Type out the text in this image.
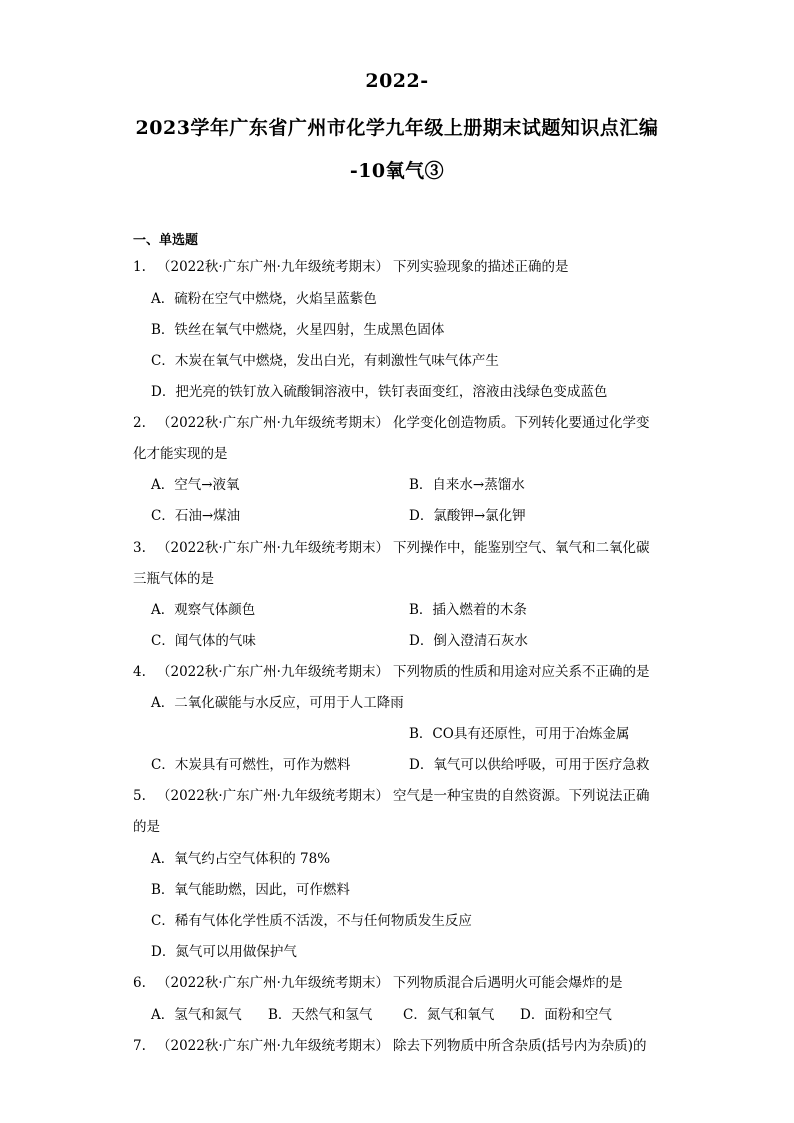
2022-
2023学年广东省广州市化学九年级上册期末试题知识点汇编
-10氧气③
一、单选题
1. （2022秋·广东广州·九年级统考期末） 下列实验现象的描述正确的是
A．硫粉在空气中燃烧，火焰呈蓝紫色
B．铁丝在氧气中燃烧，火星四射，生成黑色固体
C．木炭在氧气中燃烧，发出白光，有刺激性气味气体产生
D．把光亮的铁钉放入硫酸铜溶液中，铁钉表面变红，溶液由浅绿色变成蓝色
2. （2022秋·广东广州·九年级统考期末） 化学变化创造物质。下列转化要通过化学变
化才能实现的是
A．空气→液氧	B．自来水→蒸馏水
C．石油→煤油	D．氯酸钾→氯化钾
3. （2022秋·广东广州·九年级统考期末） 下列操作中，能鉴别空气、氧气和二氧化碳
三瓶气体的是
A．观察气体颜色	B．插入燃着的木条
C．闻气体的气味	D．倒入澄清石灰水
4. （2022秋·广东广州·九年级统考期末） 下列物质的性质和用途对应关系不正确的是
A．二氧化碳能与水反应，可用于人工降雨
B．CO具有还原性，可用于冶炼金属
C．木炭具有可燃性，可作为燃料	D．氧气可以供给呼吸，可用于医疗急救
5. （2022秋·广东广州·九年级统考期末） 空气是一种宝贵的自然资源。下列说法正确
的是
A．氧气约占空气体积的 78%
B．氧气能助燃，因此，可作燃料
C．稀有气体化学性质不活泼，不与任何物质发生反应
D．氮气可以用做保护气
6. （2022秋·广东广州·九年级统考期末） 下列物质混合后遇明火可能会爆炸的是
A．氢气和氮气 B．天然气和氢气 C．氮气和氧气 D．面粉和空气
7. （2022秋·广东广州·九年级统考期末） 除去下列物质中所含杂质(括号内为杂质)的
